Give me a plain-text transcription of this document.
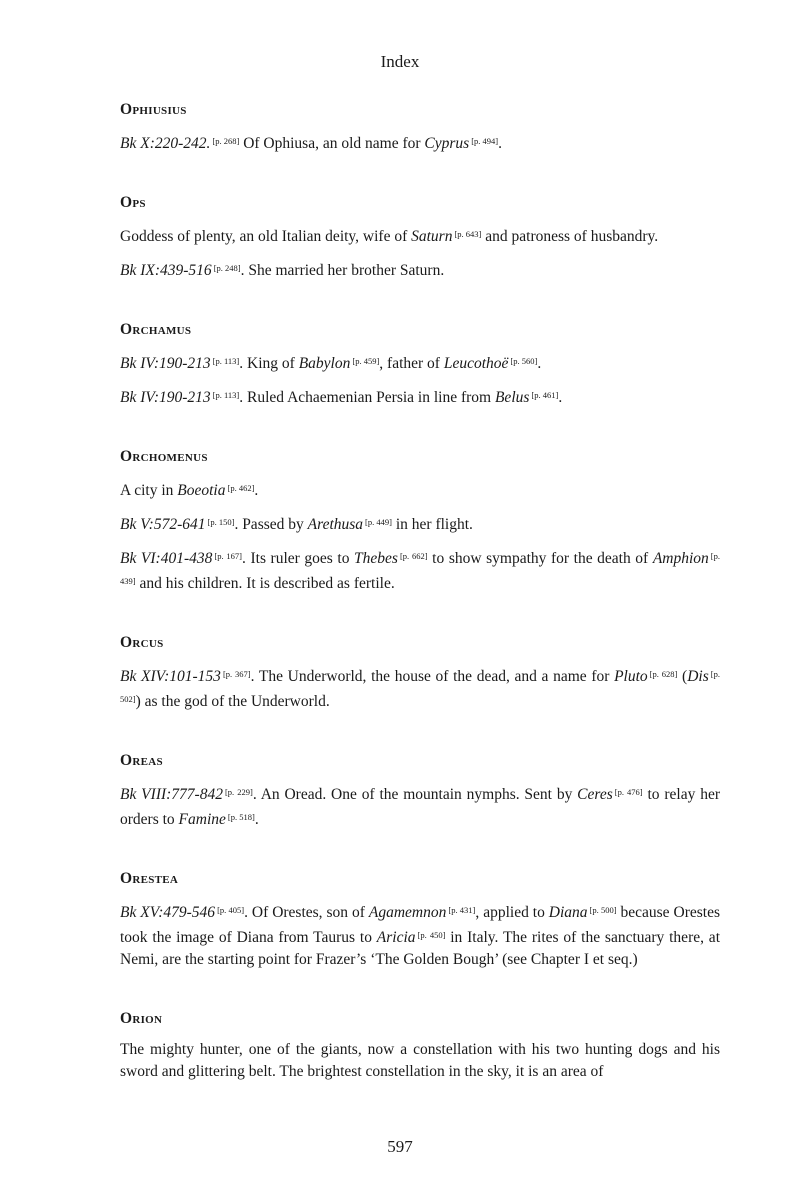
Index
Ophiusius
Bk X:220-242. [p. 268] Of Ophiusa, an old name for Cyprus [p. 494].
Ops
Goddess of plenty, an old Italian deity, wife of Saturn [p. 643] and patroness of husbandry.
Bk IX:439-516 [p. 248]. She married her brother Saturn.
Orchamus
Bk IV:190-213 [p. 113]. King of Babylon [p. 459], father of Leucothoë [p. 560].
Bk IV:190-213 [p. 113]. Ruled Achaemenian Persia in line from Belus [p. 461].
Orchomenus
A city in Boeotia [p. 462].
Bk V:572-641 [p. 150]. Passed by Arethusa [p. 449] in her flight.
Bk VI:401-438 [p. 167]. Its ruler goes to Thebes [p. 662] to show sympathy for the death of Amphion [p. 439] and his children. It is described as fertile.
Orcus
Bk XIV:101-153 [p. 367]. The Underworld, the house of the dead, and a name for Pluto [p. 628] (Dis [p. 502]) as the god of the Underworld.
Oreas
Bk VIII:777-842 [p. 229]. An Oread. One of the mountain nymphs. Sent by Ceres [p. 476] to relay her orders to Famine [p. 518].
Orestea
Bk XV:479-546 [p. 405]. Of Orestes, son of Agamemnon [p. 431], applied to Diana [p. 500] because Orestes took the image of Diana from Taurus to Aricia [p. 450] in Italy. The rites of the sanctuary there, at Nemi, are the starting point for Frazer’s ‘The Golden Bough’ (see Chapter I et seq.)
Orion
The mighty hunter, one of the giants, now a constellation with his two hunting dogs and his sword and glittering belt. The brightest constellation in the sky, it is an area of
597
